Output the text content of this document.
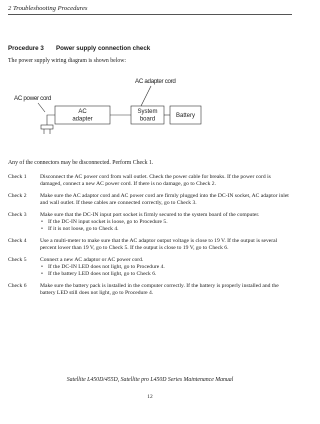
2 Troubleshooting Procedures
Procedure 3 Power supply connection check
The power supply wiring diagram is shown below:
AC adapter cord
AC power cord
AC
adapter
System
board
Battery
Any of the connectors may be disconnected. Perform Check 1.
Check 1 Disconnect the AC power cord from wall outlet. Check the power cable for breaks. If the power cord is damaged, connect a new AC power cord. If there is no damage, go to Check 2.
Check 2 Make sure the AC adaptor cord and AC power cord are firmly plugged into the DC-IN socket, AC adaptor inlet and wall outlet. If these cables are connected correctly, go to Check 3.
Check 3 Make sure that the DC-IN input port socket is firmly secured to the system board of the computer.
• If the DC-IN input socket is loose, go to Procedure 5.
• If it is not loose, go to Check 4.
Check 4 Use a multi-meter to make sure that the AC adaptor output voltage is close to 19 V. If the output is several percent lower than 19 V, go to Check 5. If the output is close to 19 V, go to Check 6.
Check 5 Connect a new AC adaptor or AC power cord.
• If the DC-IN LED does not light, go to Procedure 4.
• If the battery LED does not light, go to Check 6.
Check 6 Make sure the battery pack is installed in the computer correctly. If the battery is properly installed and the battery LED still does not light, go to Procedure 4.
Satellite L450D/455D, Satellite pro L450D Series Maintenance Manual
12
